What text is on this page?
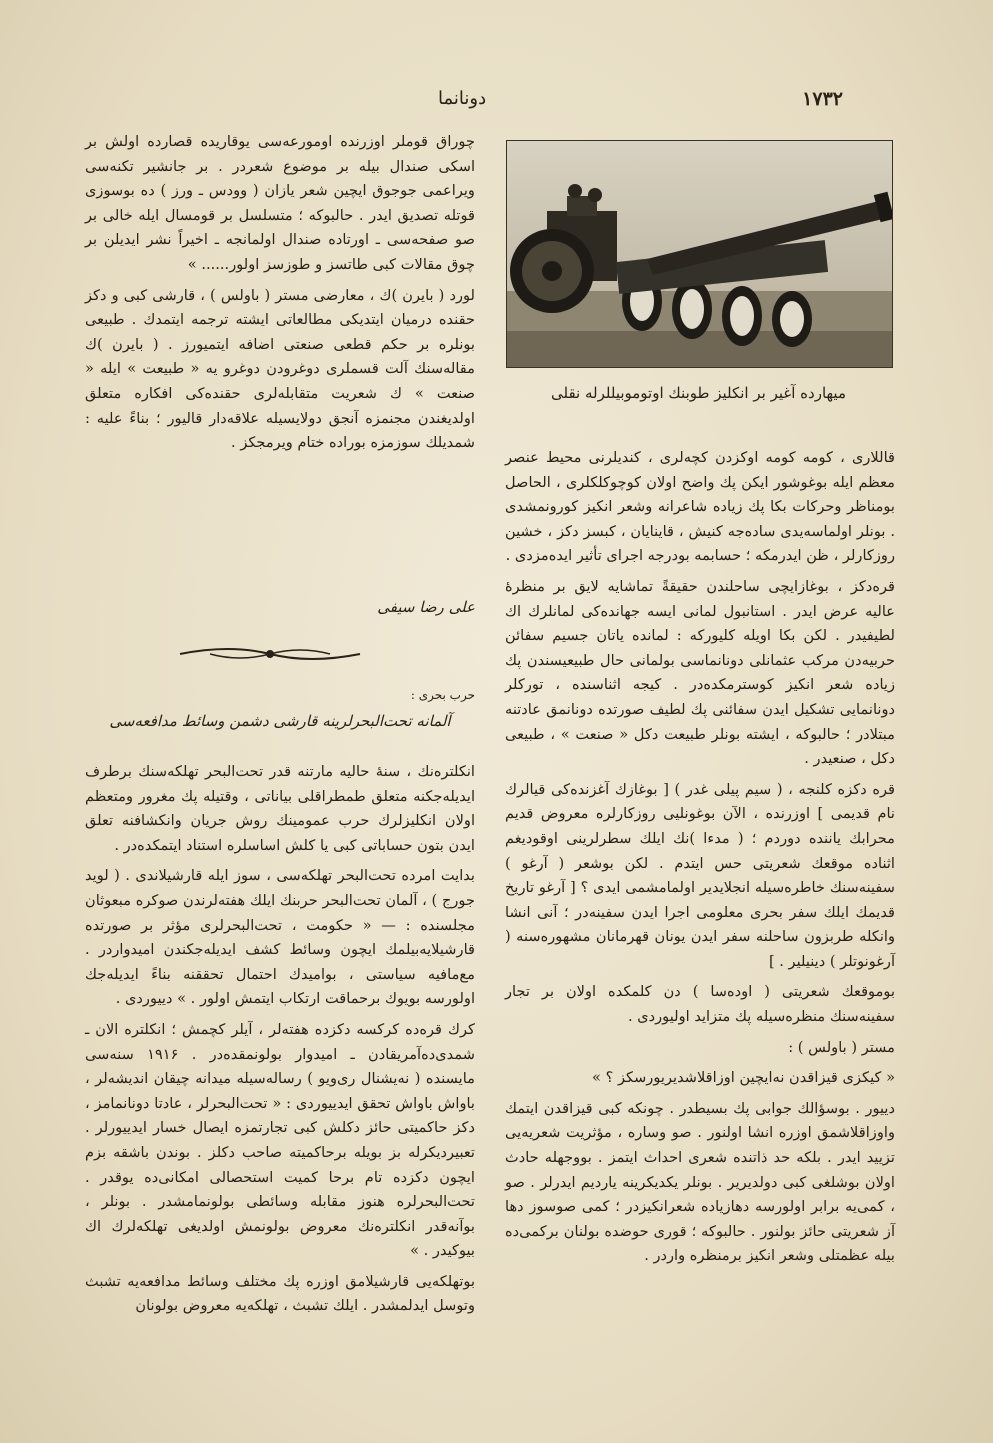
١٧٣٢
دونانما
میهارده‌ آغیر بر انکلیز طوبنك اوتوموبیللرله نقلی

چوراق قوملر اوزرنده اومورعه‌سی یوقاریده قصارده اولش بر اسکی صندال بیله بر موضوع شعردر . بر جانشیر تکنه‌سی ویراعمی جوجوق ایچین شعر یازان ( وودس ـ ورز ) ده بوسوزی قوتله تصدیق ایدر . حالبوکه ؛ متسلسل بر قومسال ایله خالی بر صو صفحه‌سی ـ اورتاده صندال اولمانجه ـ اخیراً نشر ایدیلن بر چوق مقالات کبی طاتسز و طوزسز اولور...... »

لورد ( بایرن )ك ، معارضی مستر ( باولس ) ، قارشی کبی و دکز حقنده درمیان ایتدیکی مطالعاتی ایشته ترجمه ایتمدك . طبیعی بونلره بر حکم قطعی صنعتی اضافه ایتمیورز . ( بایرن )ك مقاله‌سنك آلت قسملری دوغرودن دوغرو یه « طبیعت » ایله « صنعت » ك شعریت متقابله‌لری حقنده‌کی افکاره متعلق اولدیغندن مجنمزه آنجق دولایسیله علاقه‌دار قالیور ؛ بناءً علیه : شمدیلك سوزمزه بوراده ختام ویرمجکز .

علی رضا سیفی
حرب بحری :
آلمانه تحت‌البحرلرینه قارشی دشمن وسائط مدافعه‌سی

انکلترەنك ، سنهٔ حالیه مارتنه قدر تحت‌البحر تهلکه‌سنك برطرف ایدیله‌جکنه متعلق طمطراقلی بیاناتی ، وقتیله پك مغرور ومتعظم اولان انکلیزلرك حرب عمومینك روش جریان وانکشافنه تعلق ایدن بتون حساباتی کبی یا کلش اساسلره استناد ایتمکده‌در .

بدایت امرده تحت‌البحر تهلکه‌سی ، سوز ایله قارشیلاندی . ( لوید جورج ) ، آلمان تحت‌البحر حربنك ایلك هفته‌لرندن صوکره مبعوثان مجلسنده : — « حکومت ، تحت‌البحرلری مؤثر بر صورتده قارشیلایه‌بیلمك ایچون وسائط کشف ایدیله‌جکندن امیدواردر . مع‌مافیه سیاستی ، بوامیدك احتمال تحققنه بناءً ایدیله‌جك اولورسه بویوك برحماقت ارتکاب ایتمش اولور . » دییوردی .

کرك قرەده کرکسه دکزده هفته‌لر ، آیلر کچمش ؛ انکلتره الان ـ شمدی‌ده‌آمریقادن ـ امیدوار بولونمقدەدر . ۱۹۱۶ سنه‌سی مایسنده ( نه‌یشنال ری‌ویو ) رساله‌سیله میدانه چیقان اندیشه‌لر ، باواش باواش تحقق ایدییوردی : « تحت‌البحرلر ، عادتا دونانمامز ، دکز حاکمیتی حائز دکلش کبی تجارتمزه ایصال خسار ایدییورلر . تعبیردیکرله بز بویله‌ برحاکمیته صاحب دکلز . بوندن باشقه بزم ایچون دکزده تام برحا کمیت استحصالی امکانی‌ده یوقدر . تحت‌البحرلره هنوز مقابله وسائطی بولونمامشدر . بونلر ، بوآنه‌قدر انکلتره‌نك معروض بولونمش اولدیغی تهلکه‌لرك اك بیوکیدر . »

بوتهلکه‌یی قارشیلامق اوزره پك مختلف وسائط مدافعه‌یه تشبث وتوسل ایدلمشدر . ایلك تشبث ، تهلکه‌یه معروض بولونان

قاللاری ، کومه کومه اوکزدن کچه‌لری ، کندیلرنی محیط عنصر معظم ایله بوغوشور ایکن پك واضح اولان کوچوکلکلری ، الحاصل بومناظر وحرکات بکا پك زیاده شاعرانه وشعر انکیز کورونمشدی . بونلر اولماسه‌یدی ساده‌جه کنیش ، قاینایان ، کبسز دکز ، خشین روزکارلر ، ظن ایدرمکه ؛ حسابمه بودرجه اجرای تأثیر ایده‌مزدی .

قره‌دکز ، بوغازایچی ساحلندن حقیقةً تماشایه لایق بر منظرهٔ عالیه عرض ایدر . استانبول لمانی ایسه جهانده‌کی لمانلرك اك لطیفیدر . لکن بکا اویله کلیورکه : لمانده یاتان جسیم سفائن حربیه‌دن مرکب عثمانلی دونانماسی بولمانی حال طبیعیسندن پك زیاده شعر انکیز کوسترمکده‌در . کیجه اثناسنده‌ ، تورکلر دونانمایی تشکیل ایدن سفائنی پك لطیف صورتده دونانمق عادتنه مبتلادر ؛ حالبوکه ، ایشته بونلر طبیعت دکل « صنعت » ، طبیعی دکل ، صنعیدر .

قره دکزه کلنجه ، ( سیم پیلی غدر ) [ بوغازك آغزنده‌کی قیالرك نام قدیمی ] اوزرنده ، الآن بوغونلیی روزکارلره معروض قدیم محرابك یاننده دوردم ؛ ( مدءا )نك ایلك سطرلرینی اوقودیغم اثناده موقعك شعریتی حس ایتدم . لکن بوشعر ( آرغو ) سفینه‌سنك خاطره‌سیله انجلایدیر اولمامشمی ایدی ؟ [ آرغو تاریخ قدیمك ایلك سفر بحری معلومی اجرا ایدن سفینه‌در ؛ آنی انشا وانکله طربزون ساحلنه سفر ایدن یونان قهرمانان مشهوره‌سنه ( آرغونوتلر ) دینیلیر . ]

بوموقعك شعریتی ( اوده‌سا ) دن کلمکده اولان بر تجار سفینه‌سنك منظره‌سیله پك متزاید اولیوردی .

مستر ( باولس ) :

« کیکزی قیزاقدن نه‌ایچین اوزاقلاشدیریورسکز ؟ »

دییور . بوسؤالك جوابی پك بسیطدر . چونکه کبی قیزاقدن ایتمك واوزاقلاشمق اوزره انشا اولنور . صو وساره ، مؤثریت شعریه‌یی تزیید ایدر . بلکه حد ذاتنده شعری احداث ایتمز . بووجهله حادث اولان بوشلغی کبی دولدیریر . بونلر یکدیکرینه یاردیم ایدرلر . صو ، کمی‌یه برابر اولورسه دهازیاده شعرانکیزدر ؛ کمی صوسوز دها آز شعریتی حائز بولنور . حالبوکه ؛ قوری حوضده بولنان برکمی‌ده بیله عظمتلی وشعر انکیز برمنظره واردر .
